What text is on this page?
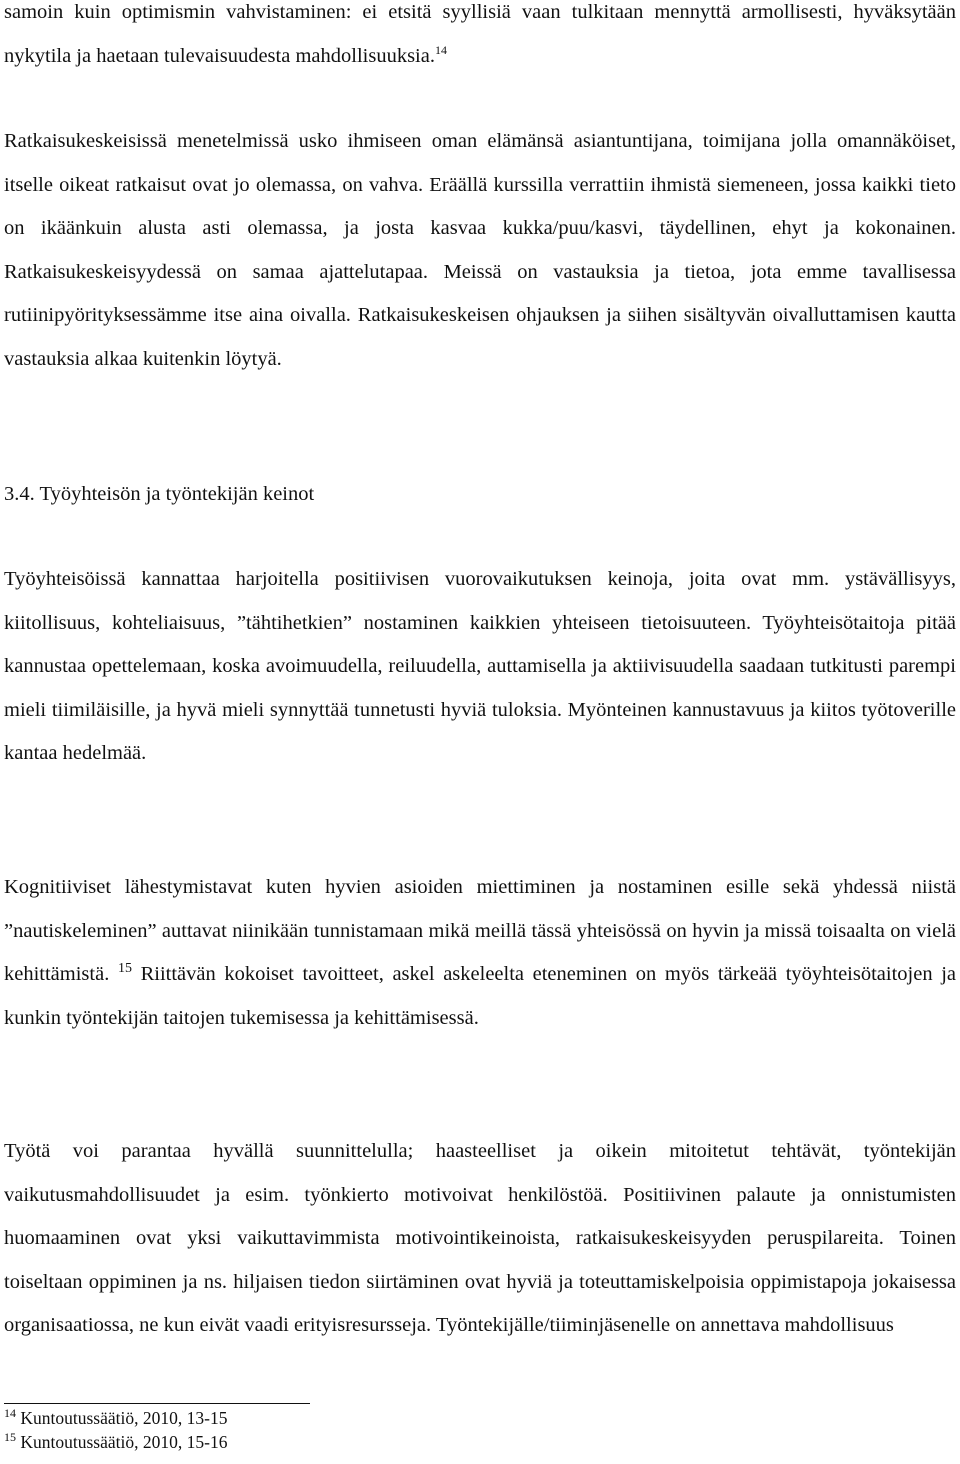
samoin kuin optimismin vahvistaminen: ei etsitä syyllisiä vaan tulkitaan mennyttä armollisesti, hyväksytään nykytila ja haetaan tulevaisuudesta mahdollisuuksia.$^{14}$

Ratkaisukeskeisissä menetelmissä usko ihmiseen oman elämänsä asiantuntijana, toimijana jolla omannäköiset, itselle oikeat ratkaisut ovat jo olemassa, on vahva. Eräällä kurssilla verrattiin ihmistä siemeneen, jossa kaikki tieto on ikäänkuin alusta asti olemassa, ja josta kasvaa kukka/puu/kasvi, täydellinen, ehyt ja kokonainen. Ratkaisukeskeisyydessä on samaa ajattelutapaa. Meissä on vastauksia ja tietoa, jota emme tavallisessa rutiinipyörityksessämme itse aina oivalla. Ratkaisukeskeisen ohjauksen ja siihen sisältyvän oivalluttamisen kautta vastauksia alkaa kuitenkin löytyä.

3.4. Työyhteisön ja työntekijän keinot

Työyhteisöissä kannattaa harjoitella positiivisen vuorovaikutuksen keinoja, joita ovat mm. ystävällisyys, kiitollisuus, kohteliaisuus, ”tähtihetkien” nostaminen kaikkien yhteiseen tietoisuuteen. Työyhteisötaitoja pitää kannustaa opettelemaan, koska avoimuudella, reiluudella, auttamisella ja aktiivisuudella saadaan tutkitusti parempi mieli tiimiläisille, ja hyvä mieli synnyttää tunnetusti hyviä tuloksia. Myönteinen kannustavuus ja kiitos työtoverille kantaa hedelmää.

Kognitiiviset lähestymistavat kuten hyvien asioiden miettiminen ja nostaminen esille sekä yhdessä niistä ”nautiskeleminen” auttavat niinikään tunnistamaan mikä meillä tässä yhteisössä on hyvin ja missä toisaalta on vielä kehittämistä. $^{15}$ Riittävän kokoiset tavoitteet, askel askeleelta eteneminen on myös tärkeää työyhteisötaitojen ja kunkin työntekijän taitojen tukemisessa ja kehittämisessä.

Työtä voi parantaa hyvällä suunnittelulla; haasteelliset ja oikein mitoitetut tehtävät, työntekijän vaikutusmahdollisuudet ja esim. työnkierto motivoivat henkilöstöä. Positiivinen palaute ja onnistumisten huomaaminen ovat yksi vaikuttavimmista motivointikeinoista, ratkaisukeskeisyyden peruspilareita. Toinen toiseltaan oppiminen ja ns. hiljaisen tiedon siirtäminen ovat hyviä ja toteuttamiskelpoisia oppimistapoja jokaisessa organisaatiossa, ne kun eivät vaadi erityisresursseja. Työntekijälle/tiiminjäsenelle on annettava mahdollisuus

$^{14}$ Kuntoutussäätiö, 2010, 13-15
$^{15}$ Kuntoutussäätiö, 2010, 15-16
